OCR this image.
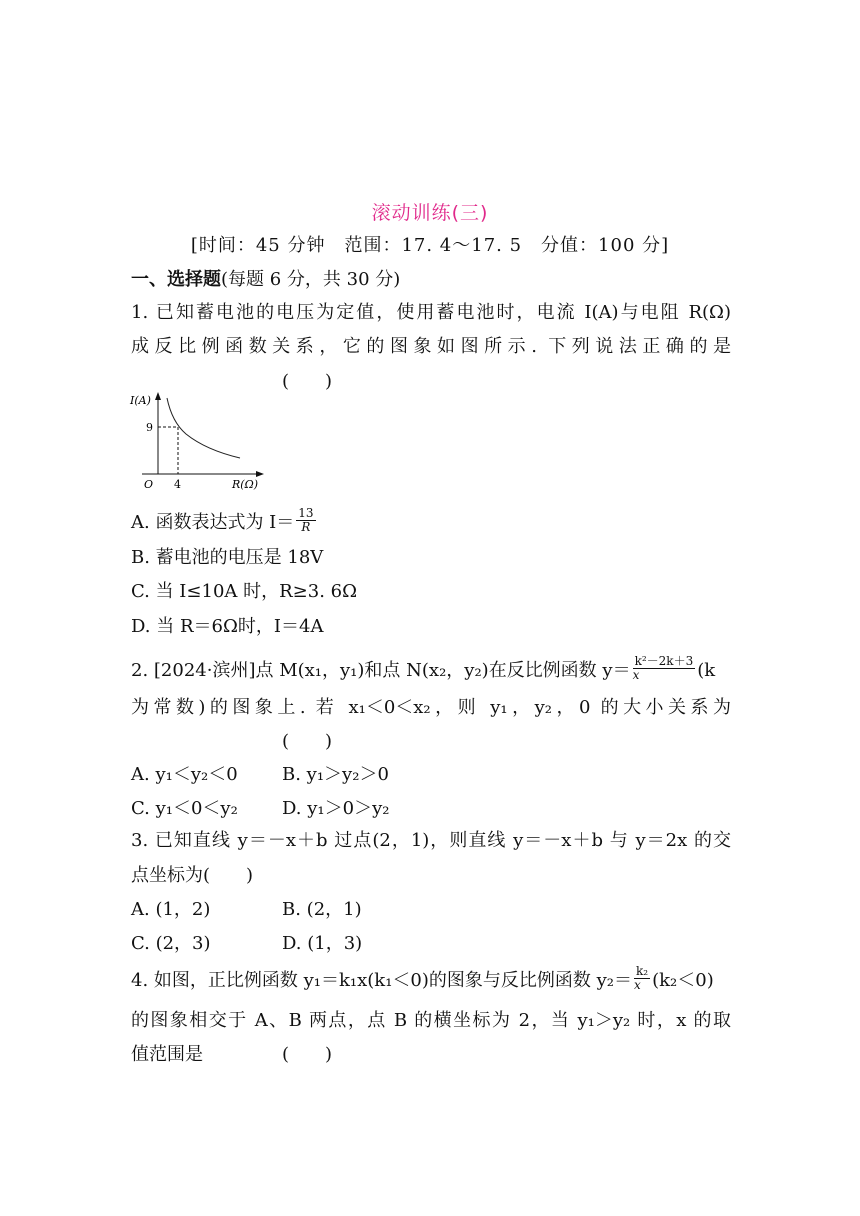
滚动训练(三)
[时间：45 分钟　范围：17. 4～17. 5　分值：100 分]
一、选择题(每题 6 分，共 30 分)
1. 已知蓄电池的电压为定值，使用蓄电池时，电流 I(A)与电阻 R(Ω)
成反比例函数关系，它的图象如图所示. 下列说法正确的是
(　　)
I(A)
9
O 4	R(Ω)
A. 函数表达式为 $I= \frac{13}{R}$
B. 蓄电池的电压是 18V
C. 当 I≤10A 时，R≥3. 6Ω
D. 当 R＝6Ω时，I＝4A
2. [2024·滨州]点 M(x₁，y₁)和点 N(x₂，y₂)在反比例函数 $y= \frac{\text{k²－2k＋3}}{x} (k$
为常数)的图象上. 若 x₁＜0＜x₂，则 y₁，y₂，0 的大小关系为
(　　)
A. y₁＜y₂＜0 B. y₁＞y₂＞0
C. y₁＜0＜y₂ D. y₁＞0＞y₂
3. 已知直线 y＝－x＋b 过点(2，1)，则直线 y＝－x＋b 与 y＝2x 的交
点坐标为(　　)
A. (1，2)	B. (2，1)
C. (2，3)	D. (1，3)
4. 如图，正比例函数 y₁＝k₁x(k₁＜0)的图象与反比例函数 $y_2= \frac{\text{k₂}}{x} (k_2<0)$
的图象相交于 A、B 两点，点 B 的横坐标为 2，当 y₁＞y₂ 时，x 的取
值范围是	(　　)
